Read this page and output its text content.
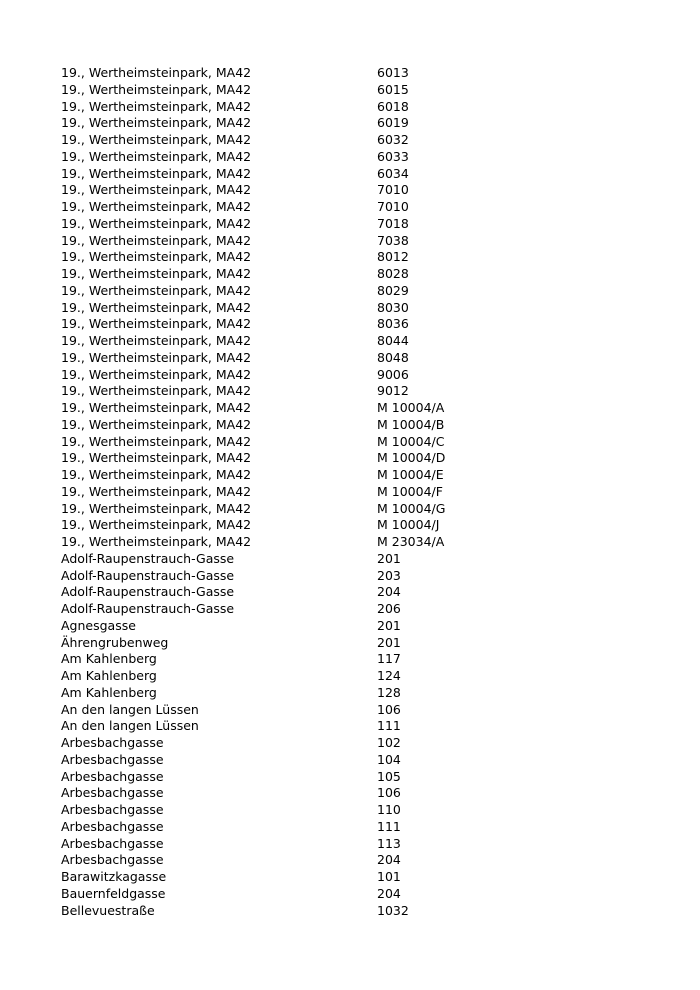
19., Wertheimsteinpark, MA42	6013
19., Wertheimsteinpark, MA42	6015
19., Wertheimsteinpark, MA42	6018
19., Wertheimsteinpark, MA42	6019
19., Wertheimsteinpark, MA42	6032
19., Wertheimsteinpark, MA42	6033
19., Wertheimsteinpark, MA42	6034
19., Wertheimsteinpark, MA42	7010
19., Wertheimsteinpark, MA42	7010
19., Wertheimsteinpark, MA42	7018
19., Wertheimsteinpark, MA42	7038
19., Wertheimsteinpark, MA42	8012
19., Wertheimsteinpark, MA42	8028
19., Wertheimsteinpark, MA42	8029
19., Wertheimsteinpark, MA42	8030
19., Wertheimsteinpark, MA42	8036
19., Wertheimsteinpark, MA42	8044
19., Wertheimsteinpark, MA42	8048
19., Wertheimsteinpark, MA42	9006
19., Wertheimsteinpark, MA42	9012
19., Wertheimsteinpark, MA42	M 10004/A
19., Wertheimsteinpark, MA42	M 10004/B
19., Wertheimsteinpark, MA42	M 10004/C
19., Wertheimsteinpark, MA42	M 10004/D
19., Wertheimsteinpark, MA42	M 10004/E
19., Wertheimsteinpark, MA42	M 10004/F
19., Wertheimsteinpark, MA42	M 10004/G
19., Wertheimsteinpark, MA42	M 10004/J
19., Wertheimsteinpark, MA42	M 23034/A
Adolf-Raupenstrauch-Gasse	201
Adolf-Raupenstrauch-Gasse	203
Adolf-Raupenstrauch-Gasse	204
Adolf-Raupenstrauch-Gasse	206
Agnesgasse	201
Ährengrubenweg	201
Am Kahlenberg	117
Am Kahlenberg	124
Am Kahlenberg	128
An den langen Lüssen	106
An den langen Lüssen	111
Arbesbachgasse	102
Arbesbachgasse	104
Arbesbachgasse	105
Arbesbachgasse	106
Arbesbachgasse	110
Arbesbachgasse	111
Arbesbachgasse	113
Arbesbachgasse	204
Barawitzkagasse	101
Bauernfeldgasse	204
Bellevuestraße	1032
